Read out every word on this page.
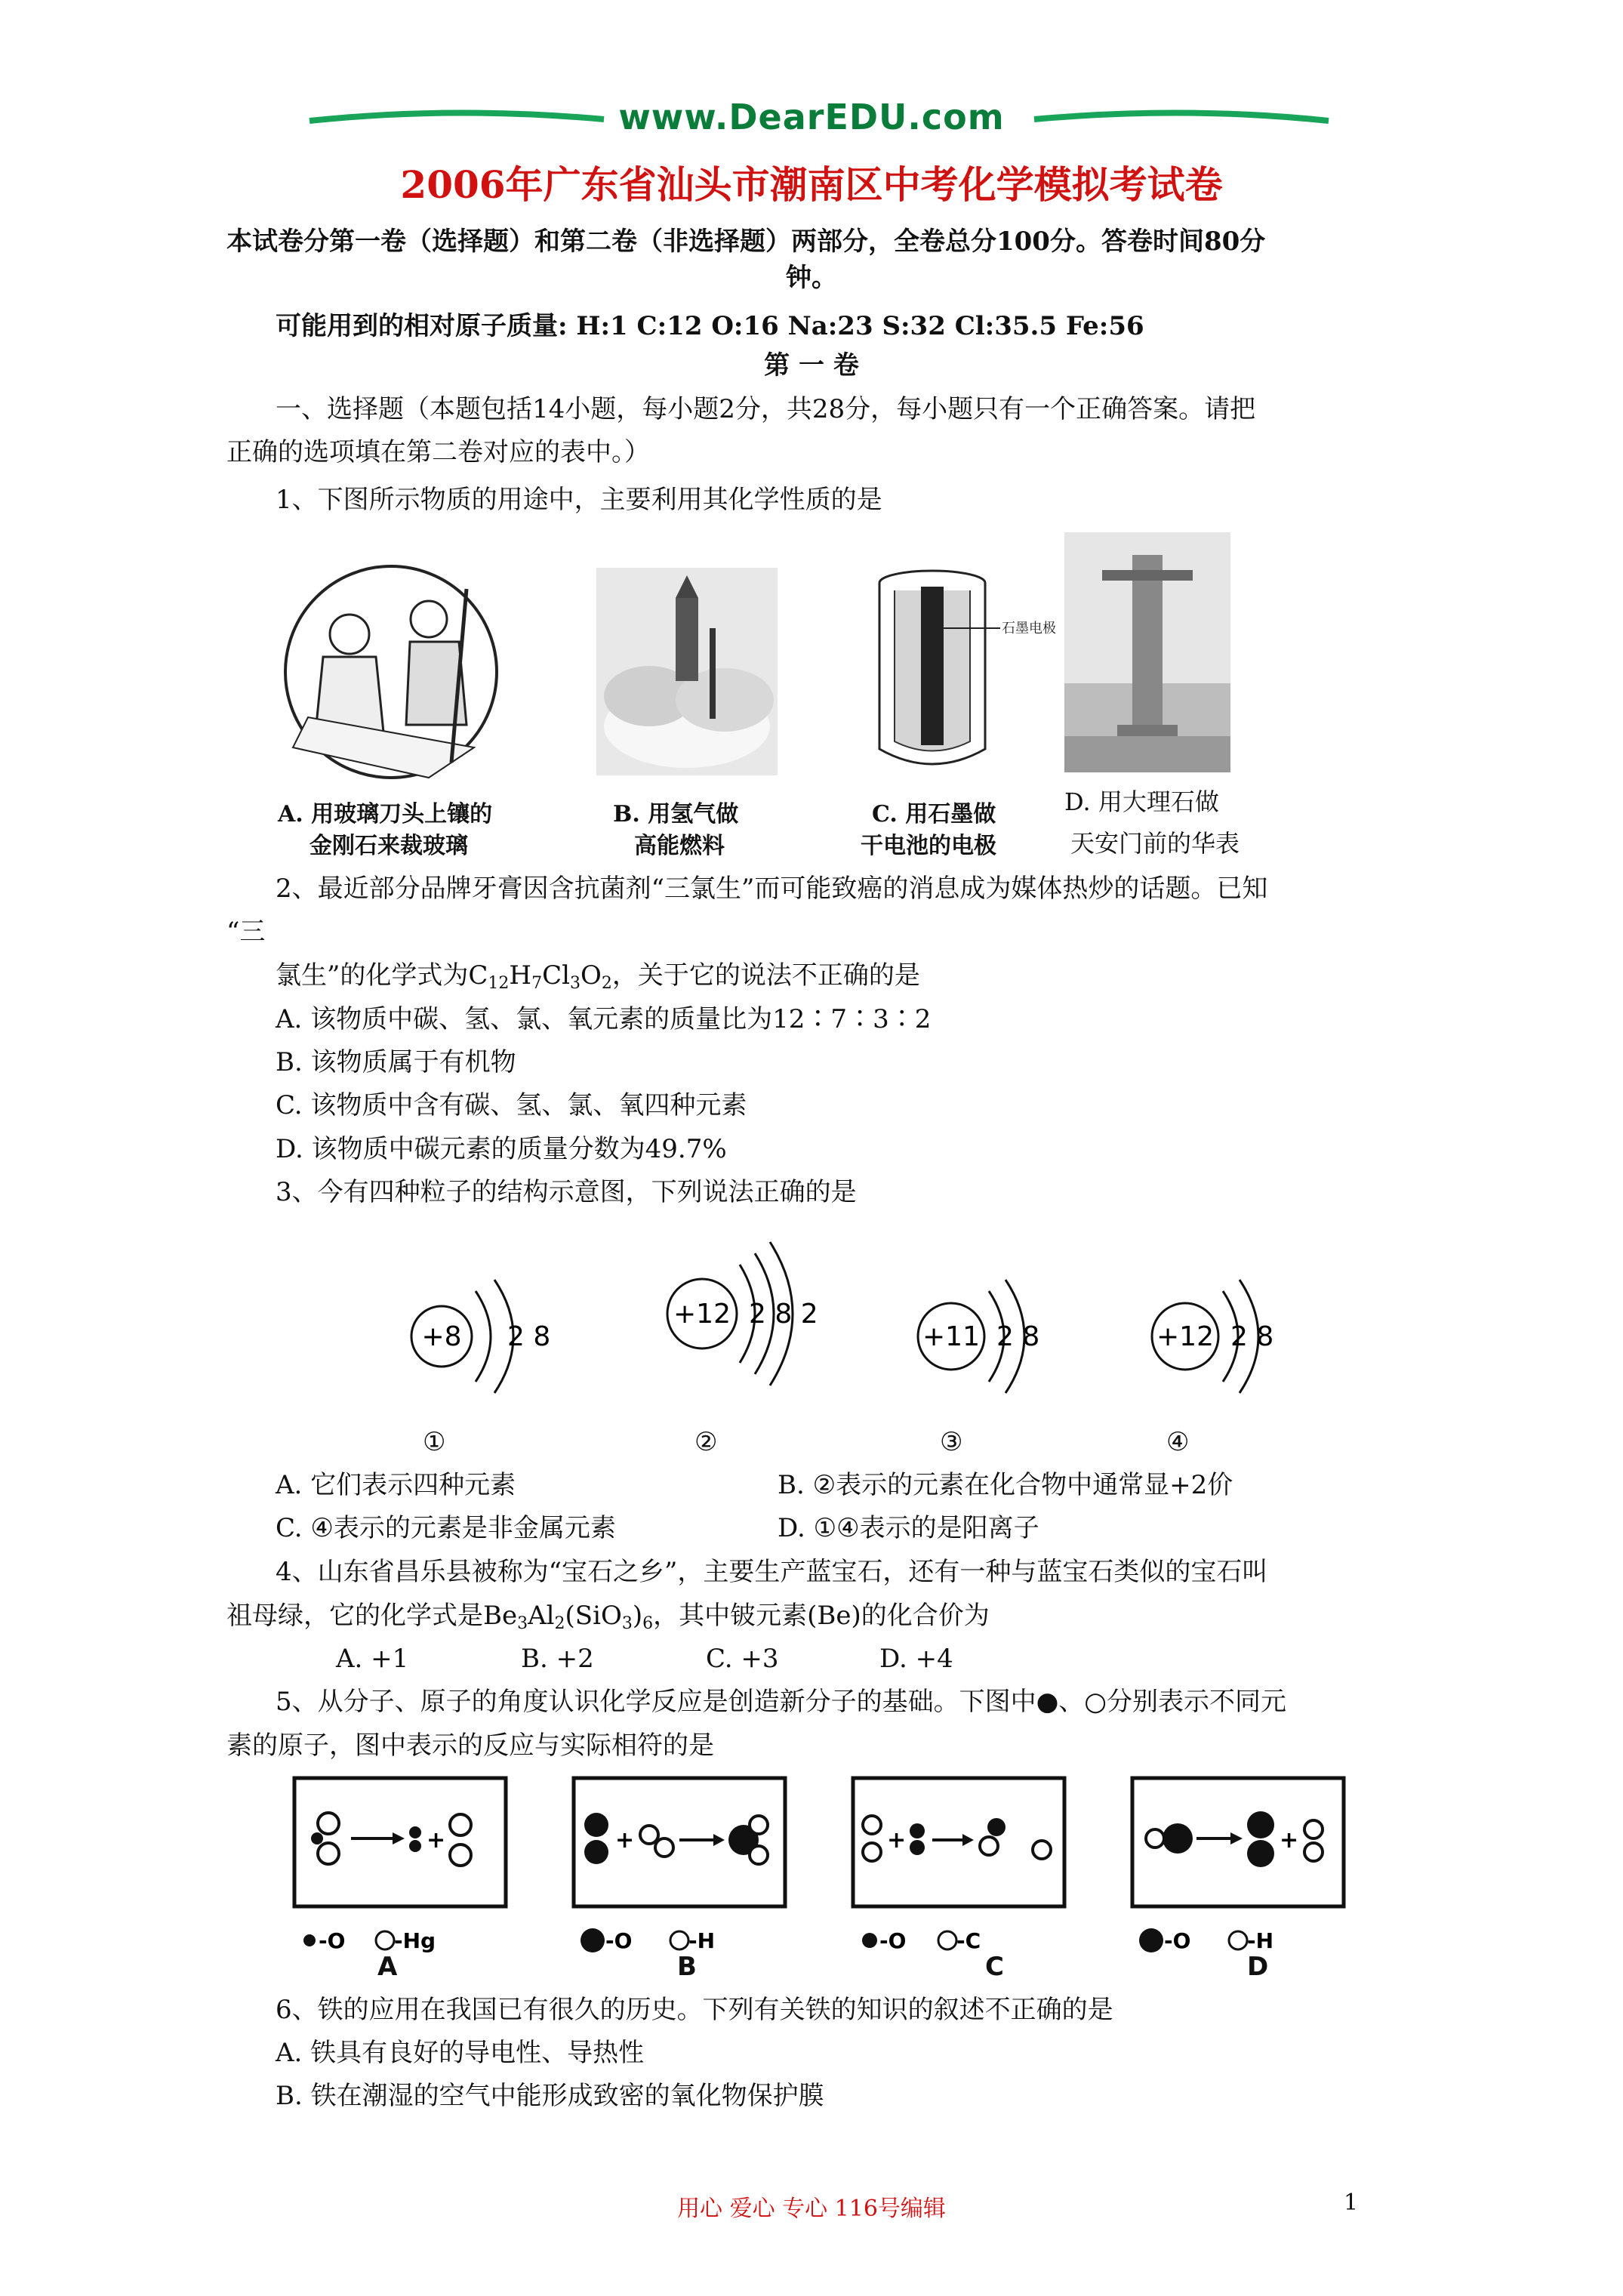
www.DearEDU.com
2006年广东省汕头市潮南区中考化学模拟考试卷
本试卷分第一卷（选择题）和第二卷（非选择题）两部分，全卷总分100分。答卷时间80分
钟。
可能用到的相对原子质量: H:1 C:12 O:16 Na:23 S:32 Cl:35.5 Fe:56
第 一 卷
一、选择题（本题包括14小题，每小题2分，共28分，每小题只有一个正确答案。请把
正确的选项填在第二卷对应的表中。）
1、下图所示物质的用途中，主要利用其化学性质的是
石墨电极
A. 用玻璃刀头上镶的
金刚石来裁玻璃
B. 用氢气做
高能燃料
C. 用石墨做
干电池的电极
D. 用大理石做
天安门前的华表
2、最近部分品牌牙膏因含抗菌剂“三氯生”而可能致癌的消息成为媒体热炒的话题。已知
“三
氯生”的化学式为$C_{12}H_7Cl_3O_2$，关于它的说法不正确的是
A. 该物质中碳、氢、氯、氧元素的质量比为12∶7∶3∶2
B. 该物质属于有机物
C. 该物质中含有碳、氢、氯、氧四种元素
D. 该物质中碳元素的质量分数为49.7%
3、今有四种粒子的结构示意图，下列说法正确的是
+8 2 8
+12 2 8 2
+11 2 8	+12 2 8
①	②	③	④
A. 它们表示四种元素	B. ②表示的元素在化合物中通常显+2价
C. ④表示的元素是非金属元素	D. ①④表示的是阳离子
4、山东省昌乐县被称为“宝石之乡”，主要生产蓝宝石，还有一种与蓝宝石类似的宝石叫
祖母绿，它的化学式是$Be_3Al_2(SiO_3)_6$，其中铍元素(Be)的化合价为
A. +1	B. +2	C. +3	D. +4
5、从分子、原子的角度认识化学反应是创造新分子的基础。下图中●、○分别表示不同元
素的原子，图中表示的反应与实际相符的是
+	+	+	+
-O -Hg	-O	-H	-O -C	-O	-H
A	B	C	D
6、铁的应用在我国已有很久的历史。下列有关铁的知识的叙述不正确的是
A. 铁具有良好的导电性、导热性
B. 铁在潮湿的空气中能形成致密的氧化物保护膜
用心 爱心 专心 116号编辑	1
